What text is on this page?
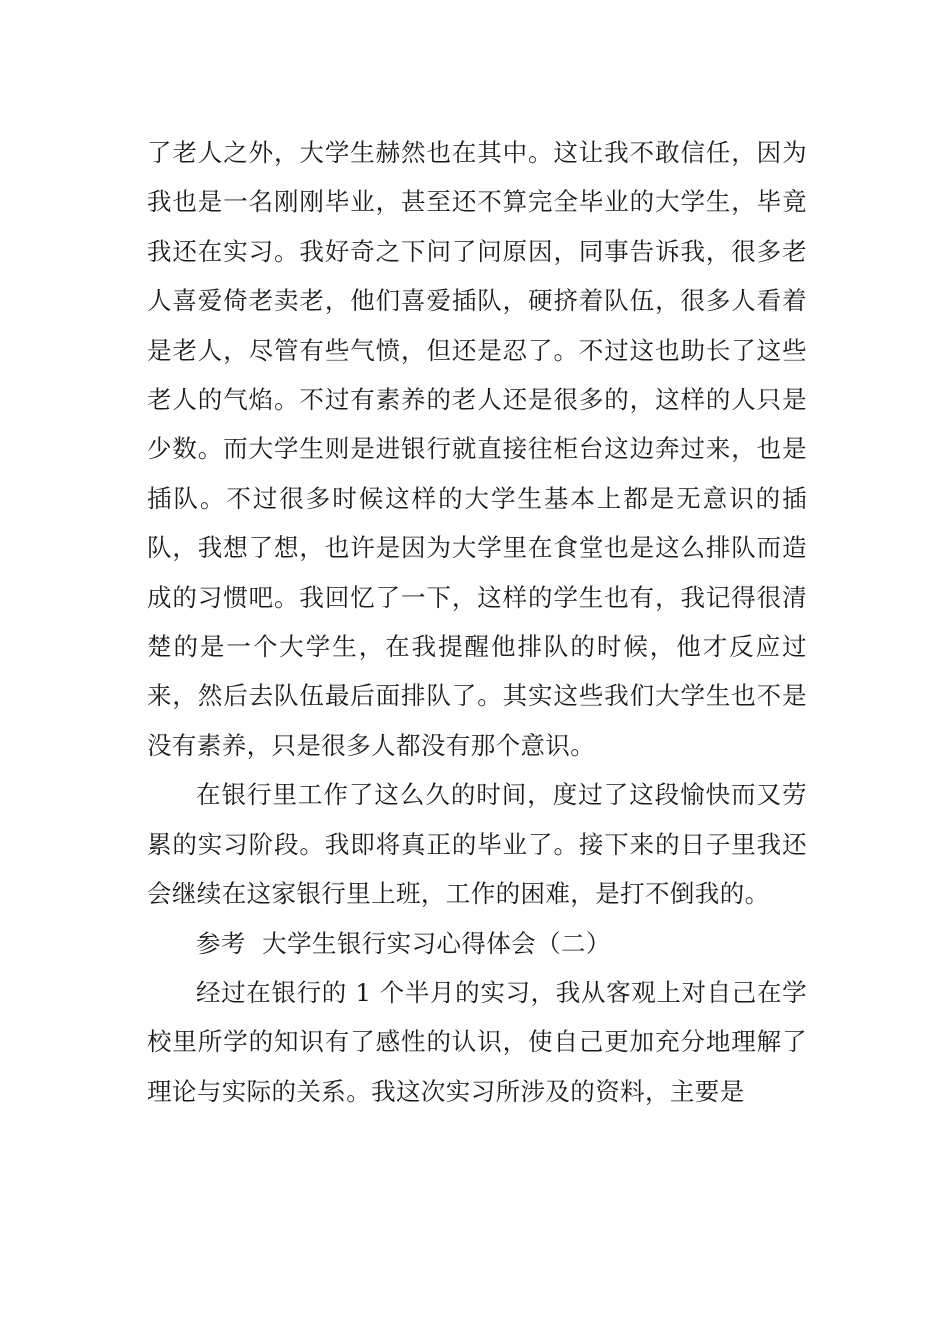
了老人之外，大学生赫然也在其中。这让我不敢信任，因为我也是一名刚刚毕业，甚至还不算完全毕业的大学生，毕竟我还在实习。我好奇之下问了问原因，同事告诉我，很多老人喜爱倚老卖老，他们喜爱插队，硬挤着队伍，很多人看着是老人，尽管有些气愤，但还是忍了。不过这也助长了这些老人的气焰。不过有素养的老人还是很多的，这样的人只是少数。而大学生则是进银行就直接往柜台这边奔过来，也是插队。不过很多时候这样的大学生基本上都是无意识的插队，我想了想，也许是因为大学里在食堂也是这么排队而造成的习惯吧。我回忆了一下，这样的学生也有，我记得很清楚的是一个大学生，在我提醒他排队的时候，他才反应过来，然后去队伍最后面排队了。其实这些我们大学生也不是没有素养，只是很多人都没有那个意识。

在银行里工作了这么久的时间，度过了这段愉快而又劳累的实习阶段。我即将真正的毕业了。接下来的日子里我还会继续在这家银行里上班，工作的困难，是打不倒我的。

参考  大学生银行实习心得体会（二）

经过在银行的 1 个半月的实习，我从客观上对自己在学校里所学的知识有了感性的认识，使自己更加充分地理解了理论与实际的关系。我这次实习所涉及的资料，主要是
